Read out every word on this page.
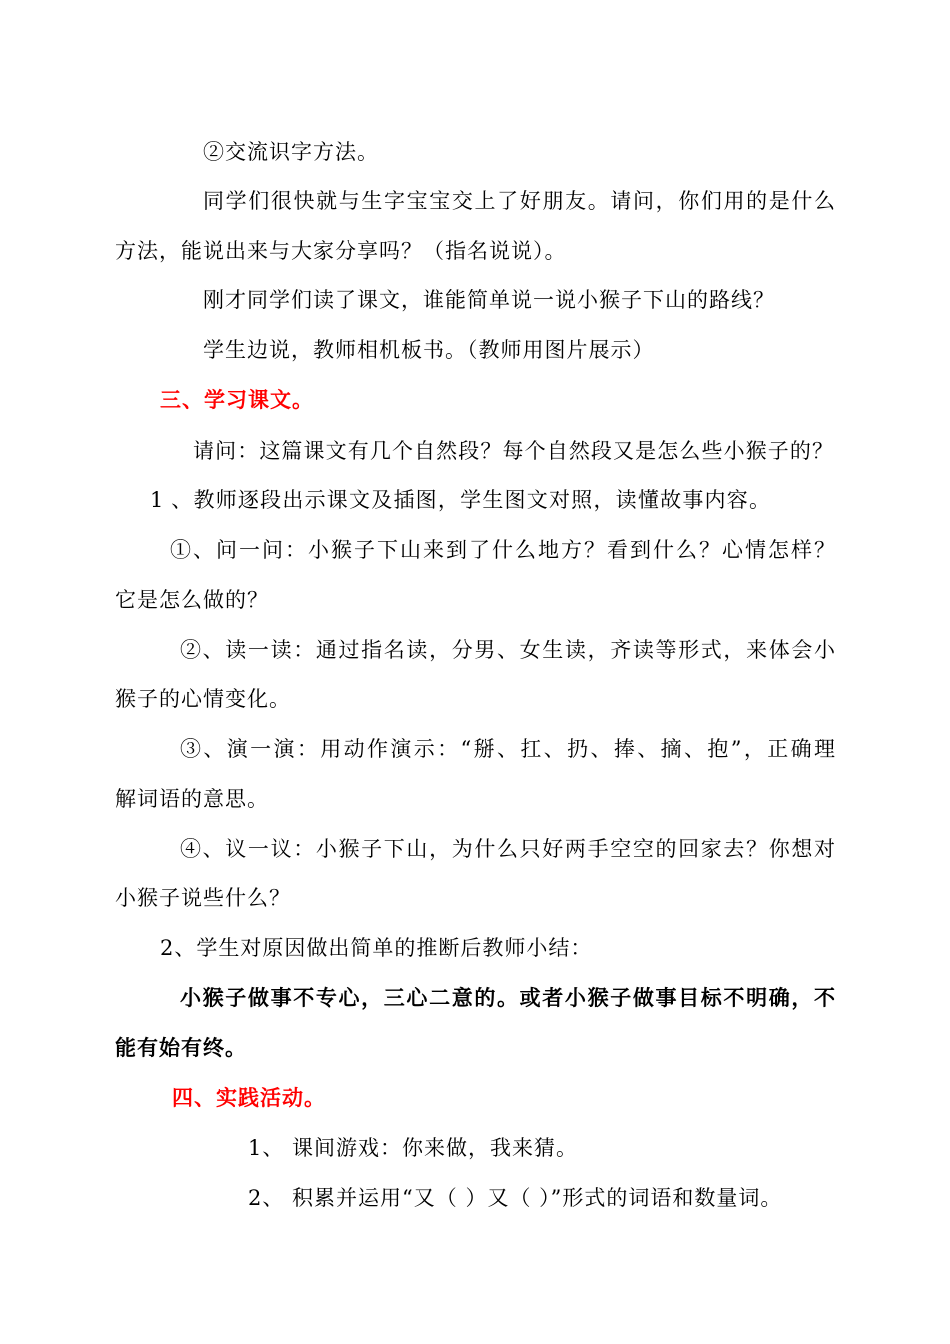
②交流识字方法。
同学们很快就与生字宝宝交上了好朋友。请问，你们用的是什么
方法，能说出来与大家分享吗？（指名说说）。
刚才同学们读了课文，谁能简单说一说小猴子下山的路线？
学生边说，教师相机板书。（教师用图片展示）
三、学习课文。
请问：这篇课文有几个自然段？每个自然段又是怎么些小猴子的？
1 、教师逐段出示课文及插图，学生图文对照，读懂故事内容。
①、问一问：小猴子下山来到了什么地方？看到什么？心情怎样？
它是怎么做的？
②、读一读：通过指名读，分男、女生读，齐读等形式，来体会小
猴子的心情变化。
③、演一演：用动作演示：“掰、扛、扔、捧、摘、抱”，正确理
解词语的意思。
④、议一议：小猴子下山，为什么只好两手空空的回家去？你想对
小猴子说些什么？
2、学生对原因做出简单的推断后教师小结：
小猴子做事不专心，三心二意的。或者小猴子做事目标不明确，不
能有始有终。
四、实践活动。
1、 课间游戏：你来做，我来猜。
2、 积累并运用“又（ ）又（ ）”形式的词语和数量词。
